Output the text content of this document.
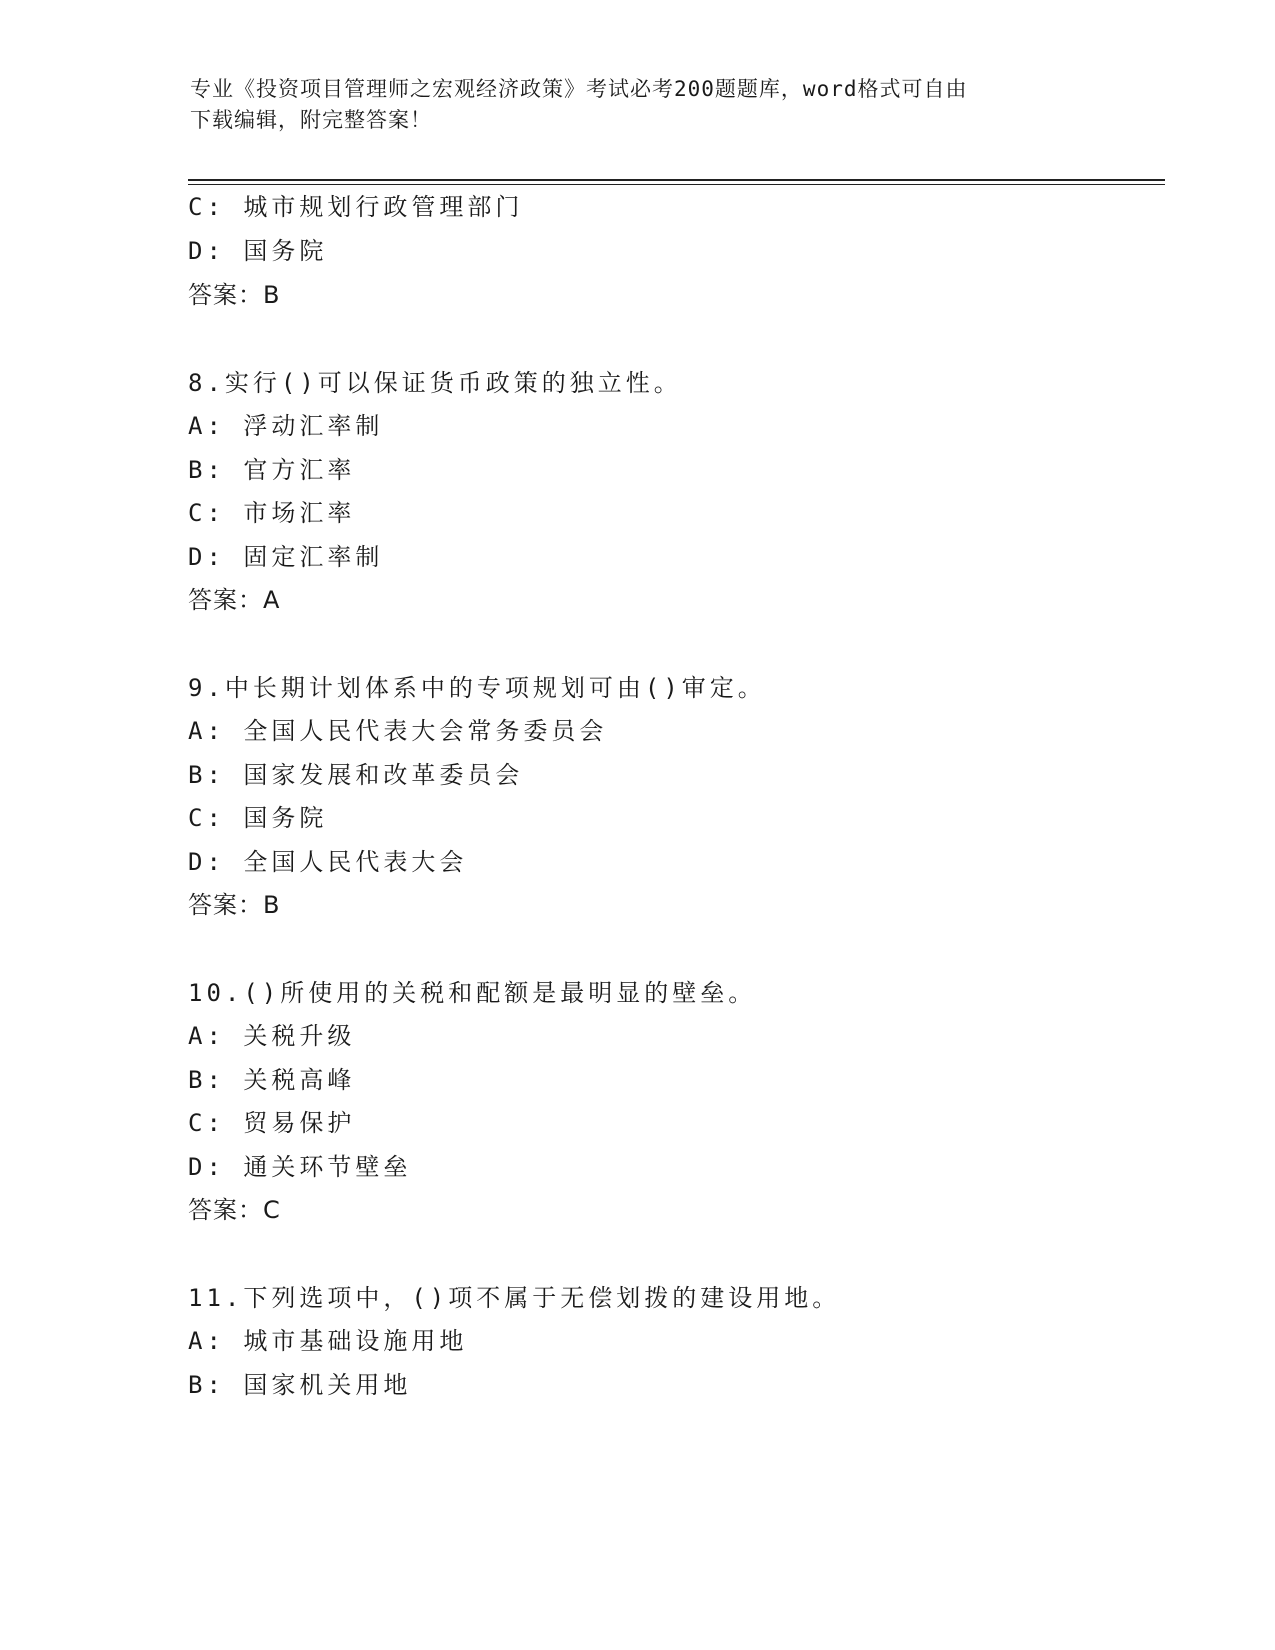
专业《投资项目管理师之宏观经济政策》考试必考200题题库，word格式可自由
下载编辑，附完整答案！
C: 城市规划行政管理部门
D: 国务院
答案：B
8.实行()可以保证货币政策的独立性。
A: 浮动汇率制
B: 官方汇率
C: 市场汇率
D: 固定汇率制
答案：A
9.中长期计划体系中的专项规划可由()审定。
A: 全国人民代表大会常务委员会
B: 国家发展和改革委员会
C: 国务院
D: 全国人民代表大会
答案：B
10.()所使用的关税和配额是最明显的壁垒。
A: 关税升级
B: 关税高峰
C: 贸易保护
D: 通关环节壁垒
答案：C
11.下列选项中，()项不属于无偿划拨的建设用地。
A: 城市基础设施用地
B: 国家机关用地
